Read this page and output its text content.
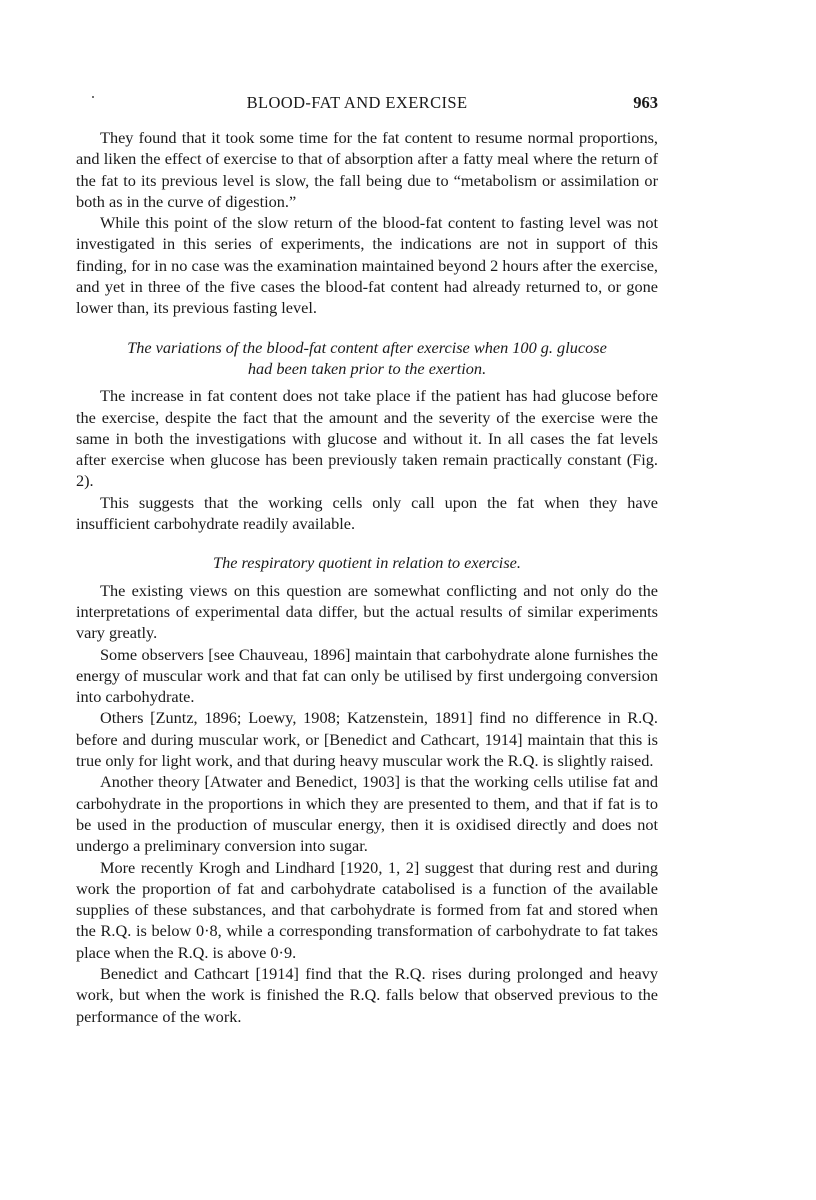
BLOOD-FAT AND EXERCISE	963

They found that it took some time for the fat content to resume normal proportions, and liken the effect of exercise to that of absorption after a fatty meal where the return of the fat to its previous level is slow, the fall being due to “metabolism or assimilation or both as in the curve of digestion.”

While this point of the slow return of the blood-fat content to fasting level was not investigated in this series of experiments, the indications are not in support of this finding, for in no case was the examination maintained beyond 2 hours after the exercise, and yet in three of the five cases the blood-fat content had already returned to, or gone lower than, its previous fasting level.

The variations of the blood-fat content after exercise when 100 g. glucose had been taken prior to the exertion.

The increase in fat content does not take place if the patient has had glucose before the exercise, despite the fact that the amount and the severity of the exercise were the same in both the investigations with glucose and without it. In all cases the fat levels after exercise when glucose has been previously taken remain practically constant (Fig. 2).

This suggests that the working cells only call upon the fat when they have insufficient carbohydrate readily available.

The respiratory quotient in relation to exercise.

The existing views on this question are somewhat conflicting and not only do the interpretations of experimental data differ, but the actual results of similar experiments vary greatly.

Some observers [see Chauveau, 1896] maintain that carbohydrate alone furnishes the energy of muscular work and that fat can only be utilised by first undergoing conversion into carbohydrate.

Others [Zuntz, 1896; Loewy, 1908; Katzenstein, 1891] find no difference in R.Q. before and during muscular work, or [Benedict and Cathcart, 1914] maintain that this is true only for light work, and that during heavy muscular work the R.Q. is slightly raised.

Another theory [Atwater and Benedict, 1903] is that the working cells utilise fat and carbohydrate in the proportions in which they are presented to them, and that if fat is to be used in the production of muscular energy, then it is oxidised directly and does not undergo a preliminary conversion into sugar.

More recently Krogh and Lindhard [1920, 1, 2] suggest that during rest and during work the proportion of fat and carbohydrate catabolised is a function of the available supplies of these substances, and that carbohydrate is formed from fat and stored when the R.Q. is below 0·8, while a corresponding transformation of carbohydrate to fat takes place when the R.Q. is above 0·9.

Benedict and Cathcart [1914] find that the R.Q. rises during prolonged and heavy work, but when the work is finished the R.Q. falls below that observed previous to the performance of the work.
